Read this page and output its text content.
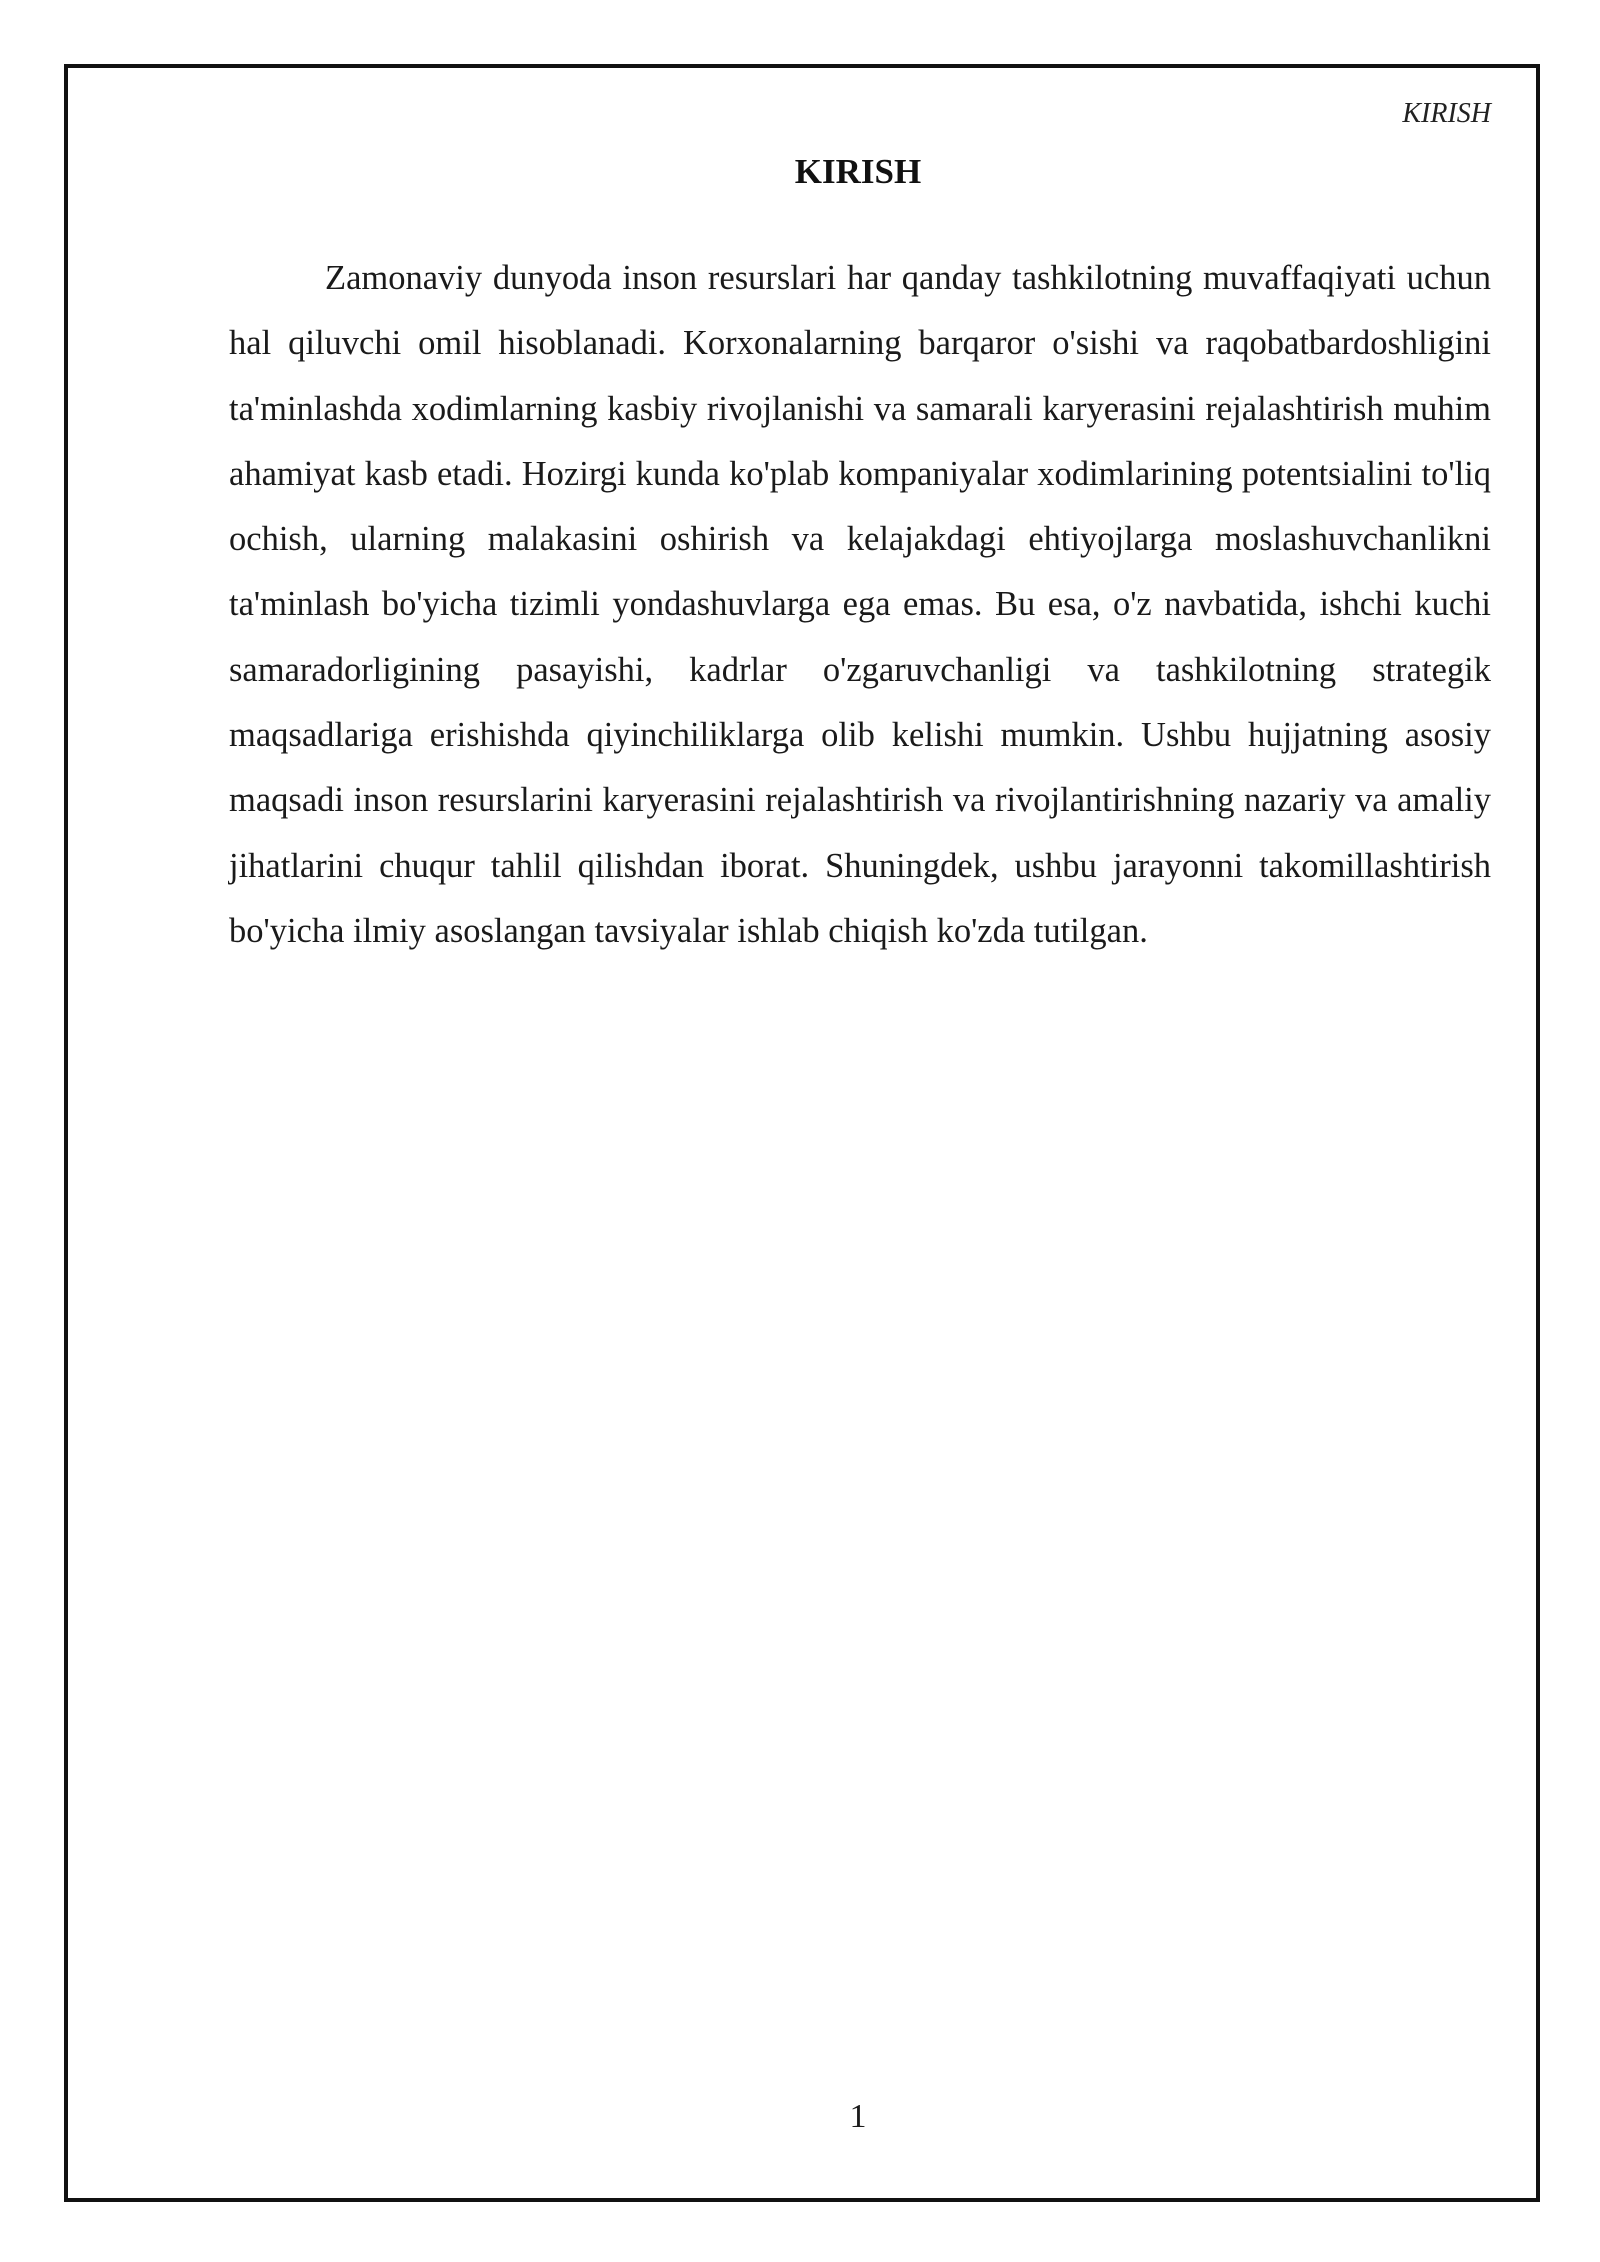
KIRISH

KIRISH

Zamonaviy dunyoda inson resurslari har qanday tashkilotning muvaffaqiyati uchun hal qiluvchi omil hisoblanadi. Korxonalarning barqaror o'sishi va raqobatbardoshligini ta'minlashda xodimlarning kasbiy rivojlanishi va samarali karyerasini rejalashtirish muhim ahamiyat kasb etadi. Hozirgi kunda ko'plab kompaniyalar xodimlarining potentsialini to'liq ochish, ularning malakasini oshirish va kelajakdagi ehtiyojlarga moslashuvchanlikni ta'minlash bo'yicha tizimli yondashuvlarga ega emas. Bu esa, o'z navbatida, ishchi kuchi samaradorligining pasayishi, kadrlar o'zgaruvchanligi va tashkilotning strategik maqsadlariga erishishda qiyinchiliklarga olib kelishi mumkin. Ushbu hujjatning asosiy maqsadi inson resurslarini karyerasini rejalashtirish va rivojlantirishning nazariy va amaliy jihatlarini chuqur tahlil qilishdan iborat. Shuningdek, ushbu jarayonni takomillashtirish bo'yicha ilmiy asoslangan tavsiyalar ishlab chiqish ko'zda tutilgan.

1
